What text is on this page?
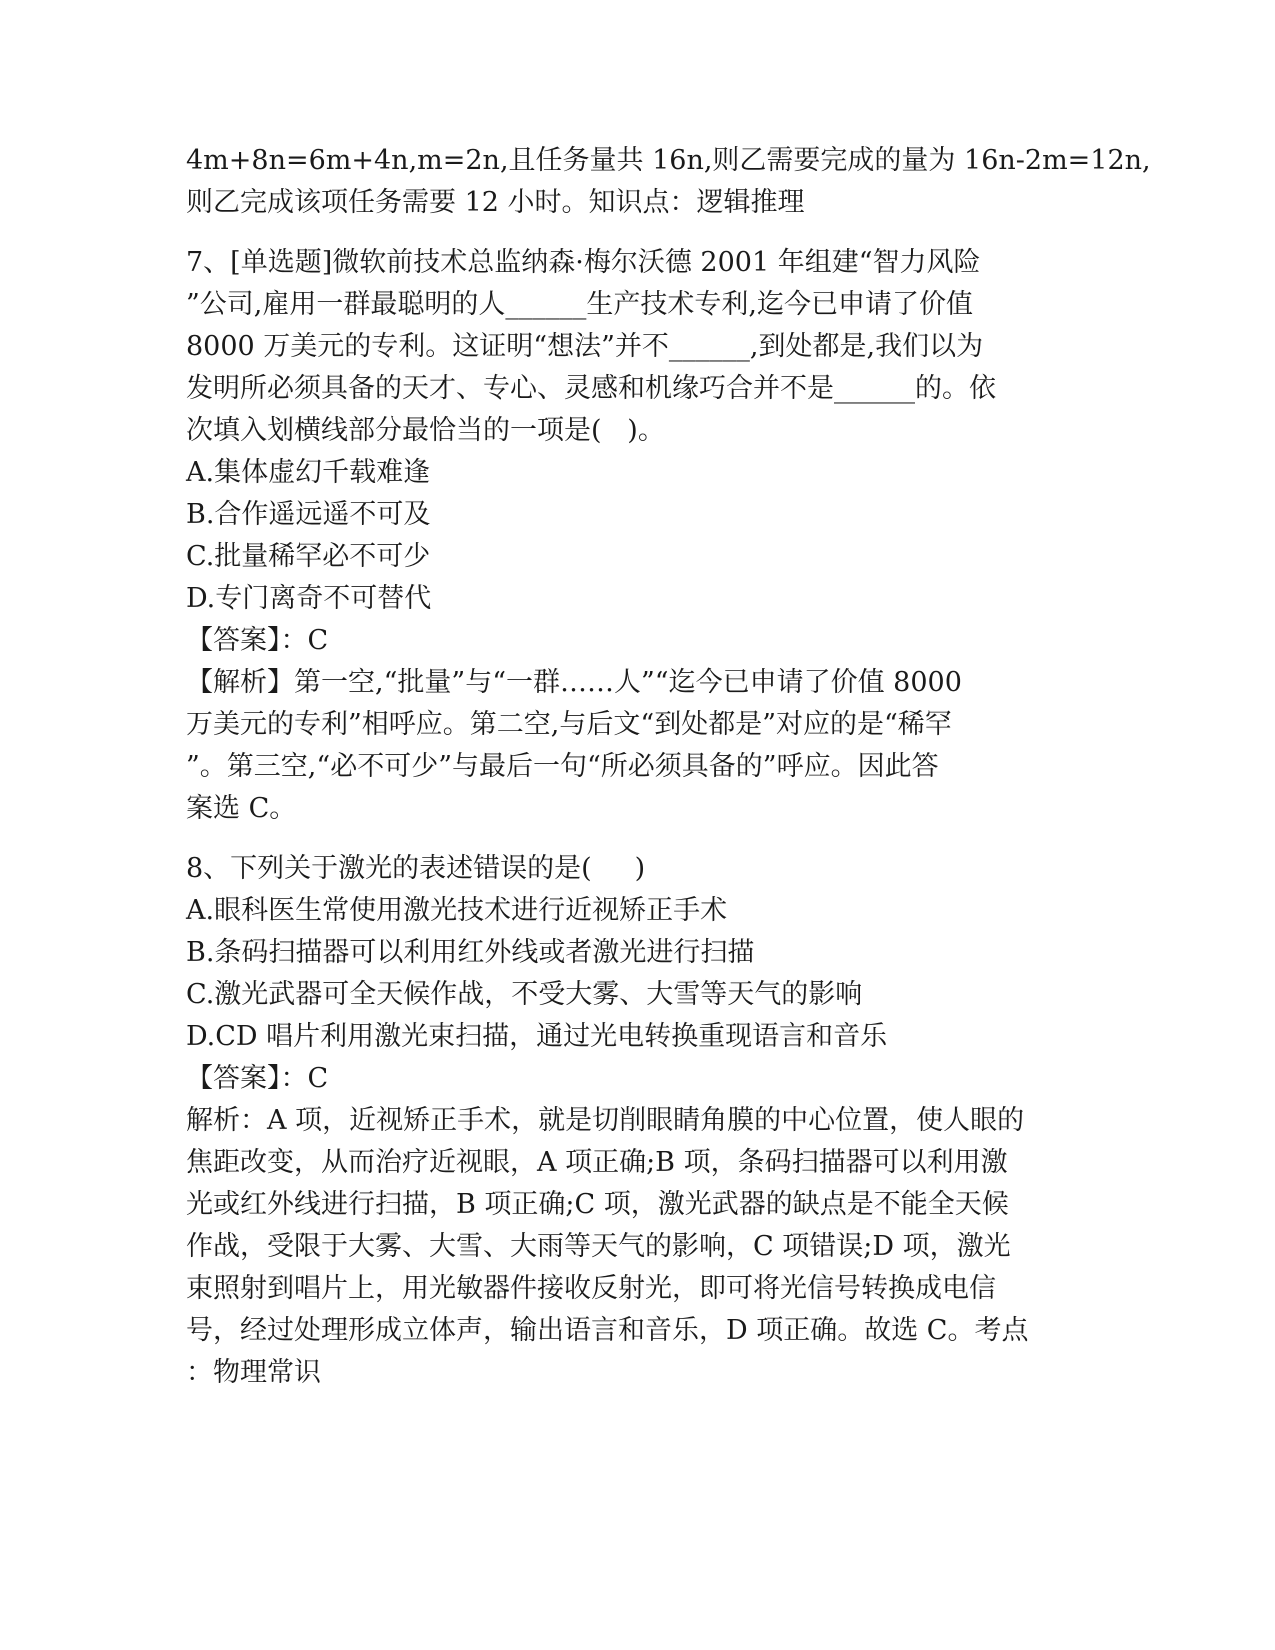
4m+8n=6m+4n,m=2n,且任务量共 16n,则乙需要完成的量为 16n-2m=12n,
则乙完成该项任务需要 12 小时。知识点：逻辑推理
7、[单选题]微软前技术总监纳森·梅尔沃德 2001 年组建“智力风险
”公司,雇用一群最聪明的人______生产技术专利,迄今已申请了价值
8000 万美元的专利。这证明“想法”并不______,到处都是,我们以为
发明所必须具备的天才、专心、灵感和机缘巧合并不是______的。依
次填入划横线部分最恰当的一项是(   )。
A.集体虚幻千载难逢
B.合作遥远遥不可及
C.批量稀罕必不可少
D.专门离奇不可替代
【答案】：C
【解析】第一空,“批量”与“一群……人”“迄今已申请了价值 8000
万美元的专利”相呼应。第二空,与后文“到处都是”对应的是“稀罕
”。第三空,“必不可少”与最后一句“所必须具备的”呼应。因此答
案选 C。
8、下列关于激光的表述错误的是(     )
A.眼科医生常使用激光技术进行近视矫正手术
B.条码扫描器可以利用红外线或者激光进行扫描
C.激光武器可全天候作战，不受大雾、大雪等天气的影响
D.CD 唱片利用激光束扫描，通过光电转换重现语言和音乐
【答案】：C
解析：A 项，近视矫正手术，就是切削眼睛角膜的中心位置，使人眼的
焦距改变，从而治疗近视眼，A 项正确;B 项，条码扫描器可以利用激
光或红外线进行扫描，B 项正确;C 项，激光武器的缺点是不能全天候
作战，受限于大雾、大雪、大雨等天气的影响，C 项错误;D 项，激光
束照射到唱片上，用光敏器件接收反射光，即可将光信号转换成电信
号，经过处理形成立体声，输出语言和音乐，D 项正确。故选 C。考点
：物理常识
